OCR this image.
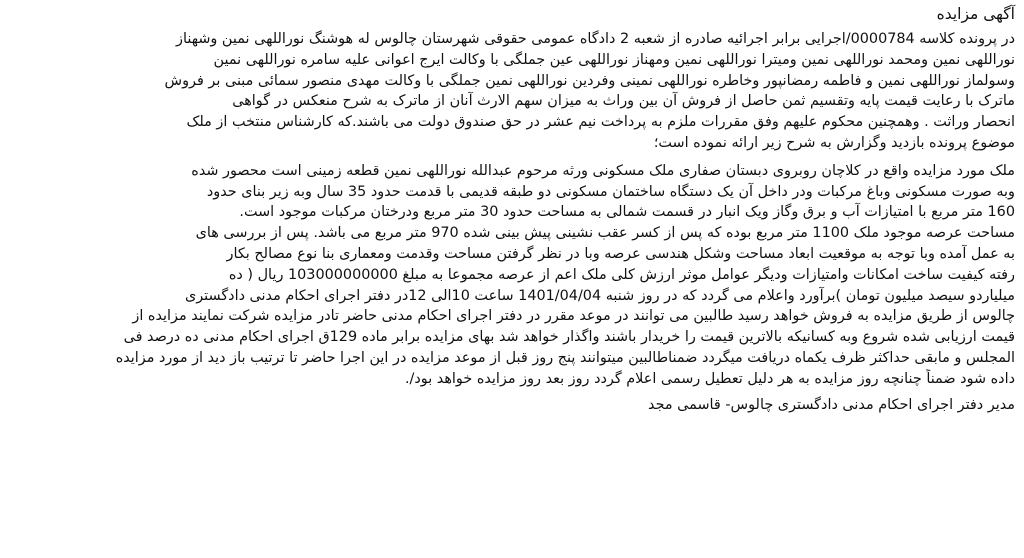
آگهی مزایده
در پرونده کلاسه 0000784/اجرایی برابر اجرائیه صادره از شعبه 2 دادگاه عمومی حقوقی شهرستان چالوس له هوشنگ نوراللهی نمین وشهناز
نوراللهی نمین ومحمد نوراللهی نمین ومیترا نوراللهی نمین ومهناز نوراللهی عین جملگی با وکالت ایرج اعوانی علیه سامره نوراللهی نمین
وسولماز نوراللهی نمین و فاطمه رمضانپور وخاطره نوراللهی نمینی وفردین نوراللهی نمین جملگی با وکالت مهدی منصور سمائی مبنی بر فروش
ماترک با رعایت قیمت پایه وتقسیم ثمن حاصل از فروش آن بین وراث به میزان سهم الارث آنان از ماترک به شرح منعکس در گواهی
انحصار وراثت . وهمچنین محکوم علیهم وفق مقررات ملزم به پرداخت نیم عشر در حق صندوق دولت می باشند.که کارشناس منتخب از ملک
موضوع پرونده بازدید وگزارش به شرح زیر ارائه نموده است؛
ملک مورد مزایده واقع در کلاچان روبروی دبستان صفاری ملک مسکونی ورثه مرحوم عبدالله نوراللهی نمین قطعه زمینی است محصور شده
وبه صورت مسکونی وباغ مرکبات ودر داخل آن یک دستگاه ساختمان مسکونی دو طبقه قدیمی با قدمت حدود 35 سال وبه زیر بنای حدود
160 متر مربع با امتیازات آب و برق وگاز ویک انبار در قسمت شمالی به مساحت حدود 30 متر مربع ودرختان مرکبات موجود است.
مساحت عرصه موجود ملک 1100 متر مربع بوده که پس از کسر عقب نشینی پیش بینی شده 970 متر مربع می باشد. پس از بررسی های
به عمل آمده وبا توجه به موقعیت ابعاد مساحت وشکل هندسی عرصه وبا در نظر گرفتن مساحت وقدمت ومعماری بنا نوع مصالح بکار
رفته کیفیت ساخت امکانات وامتیازات ودیگر عوامل موثر ارزش کلی ملک اعم از عرصه مجموعا به مبلغ 103000000000 ریال ( ده
میلیاردو سیصد میلیون تومان )برآورد واعلام می گردد که در روز شنبه 1401/04/04 ساعت 10الی 12در دفتر اجرای احکام مدنی دادگستری
چالوس از طریق مزایده به فروش خواهد رسید طالبین می توانند در موعد مقرر در دفتر اجرای احکام مدنی حاضر تادر مزایده شرکت نمایند مزایده از
قیمت ارزیابی شده شروع وبه کسانیکه بالاترین قیمت را خریدار باشند واگذار خواهد شد بهای مزایده برابر ماده 129ق اجرای احکام مدنی ده درصد فی
المجلس و مابقی حداکثر ظرف یکماه دریافت میگردد ضمناطالبین میتوانند پنج روز قبل از موعد مزایده در این اجرا حاضر تا ترتیب باز دید از مورد مزایده
داده شود ضمناً چنانچه روز مزایده به هر دلیل تعطیل رسمی اعلام گردد روز بعد روز مزایده خواهد بود/.
مدیر دفتر اجرای احکام مدنی دادگستری چالوس- قاسمی مجد
